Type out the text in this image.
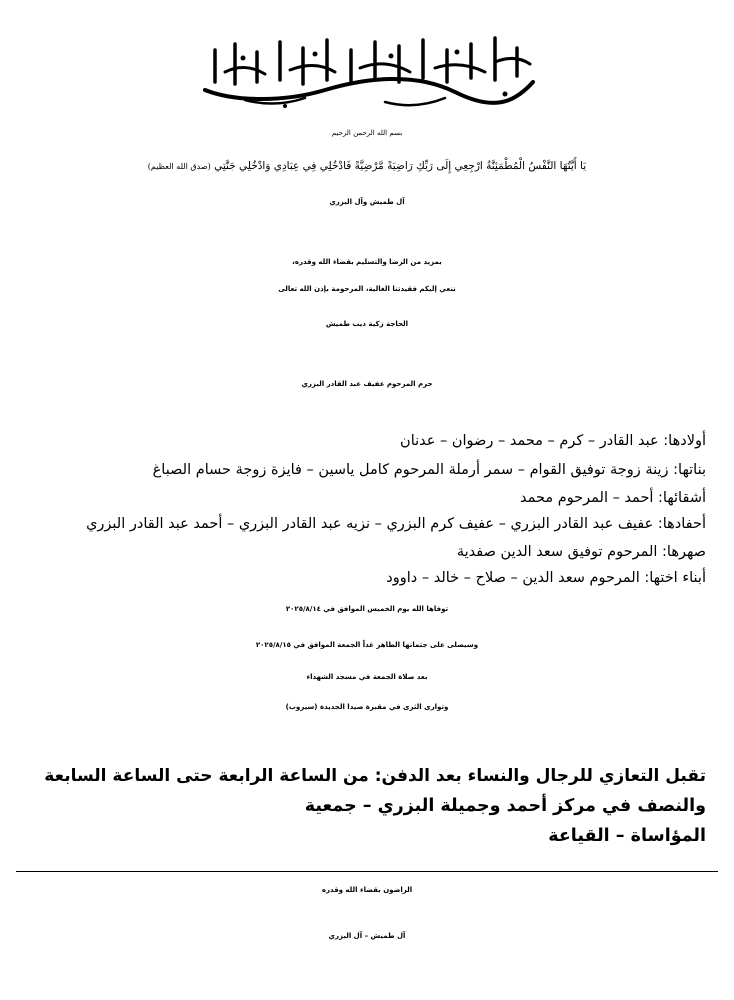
بسم الله الرحمن الرحيم
يَا أَيَّتُهَا النَّفْسُ الْمُطْمَئِنَّةُ ارْجِعِي إِلَى رَبِّكِ رَاضِيَةً مَّرْضِيَّةً فَادْخُلِي فِي عِبَادِي وَادْخُلِي جَنَّتِي (صدق الله العظيم)
آل طميش وآل البزري
بمزيد من الرضا والتسليم بقضاء الله وقدره،
ننعي إليكم فقيدتنا الغالية، المرحومة بإذن الله تعالى
الحاجة زكية ديب طميش
حرم المرحوم عفيف عبد القادر البزري
أولادها: عبد القادر – كرم – محمد – رضوان – عدنان
بناتها: زينة زوجة توفيق القوام – سمر أرملة المرحوم كامل ياسين – فايزة زوجة حسام الصباغ
أشقائها: أحمد – المرحوم محمد
أحفادها: عفيف عبد القادر البزري – عفيف كرم البزري – نزيه عبد القادر البزري – أحمد عبد القادر البزري
صهرها: المرحوم توفيق سعد الدين صفدية
أبناء اختها: المرحوم سعد الدين – صلاح – خالد – داوود
توفاها الله يوم الخميس الموافق في ٢٠٢٥/٨/١٤
وسيصلى على جثمانها الطاهر غداً الجمعة الموافق في ٢٠٢٥/٨/١٥
بعد صلاة الجمعة في مسجد الشهداء
وتوارى الثرى في مقبرة صيدا الجديدة (سيروب)
تقبل التعازي للرجال والنساء بعد الدفن: من الساعة الرابعة حتى الساعة السابعة
والنصف في مركز أحمد وجميلة البزري – جمعية
المؤاساة – القياعة
الراضون بقضاء الله وقدره
آل طميش – آل البزري
